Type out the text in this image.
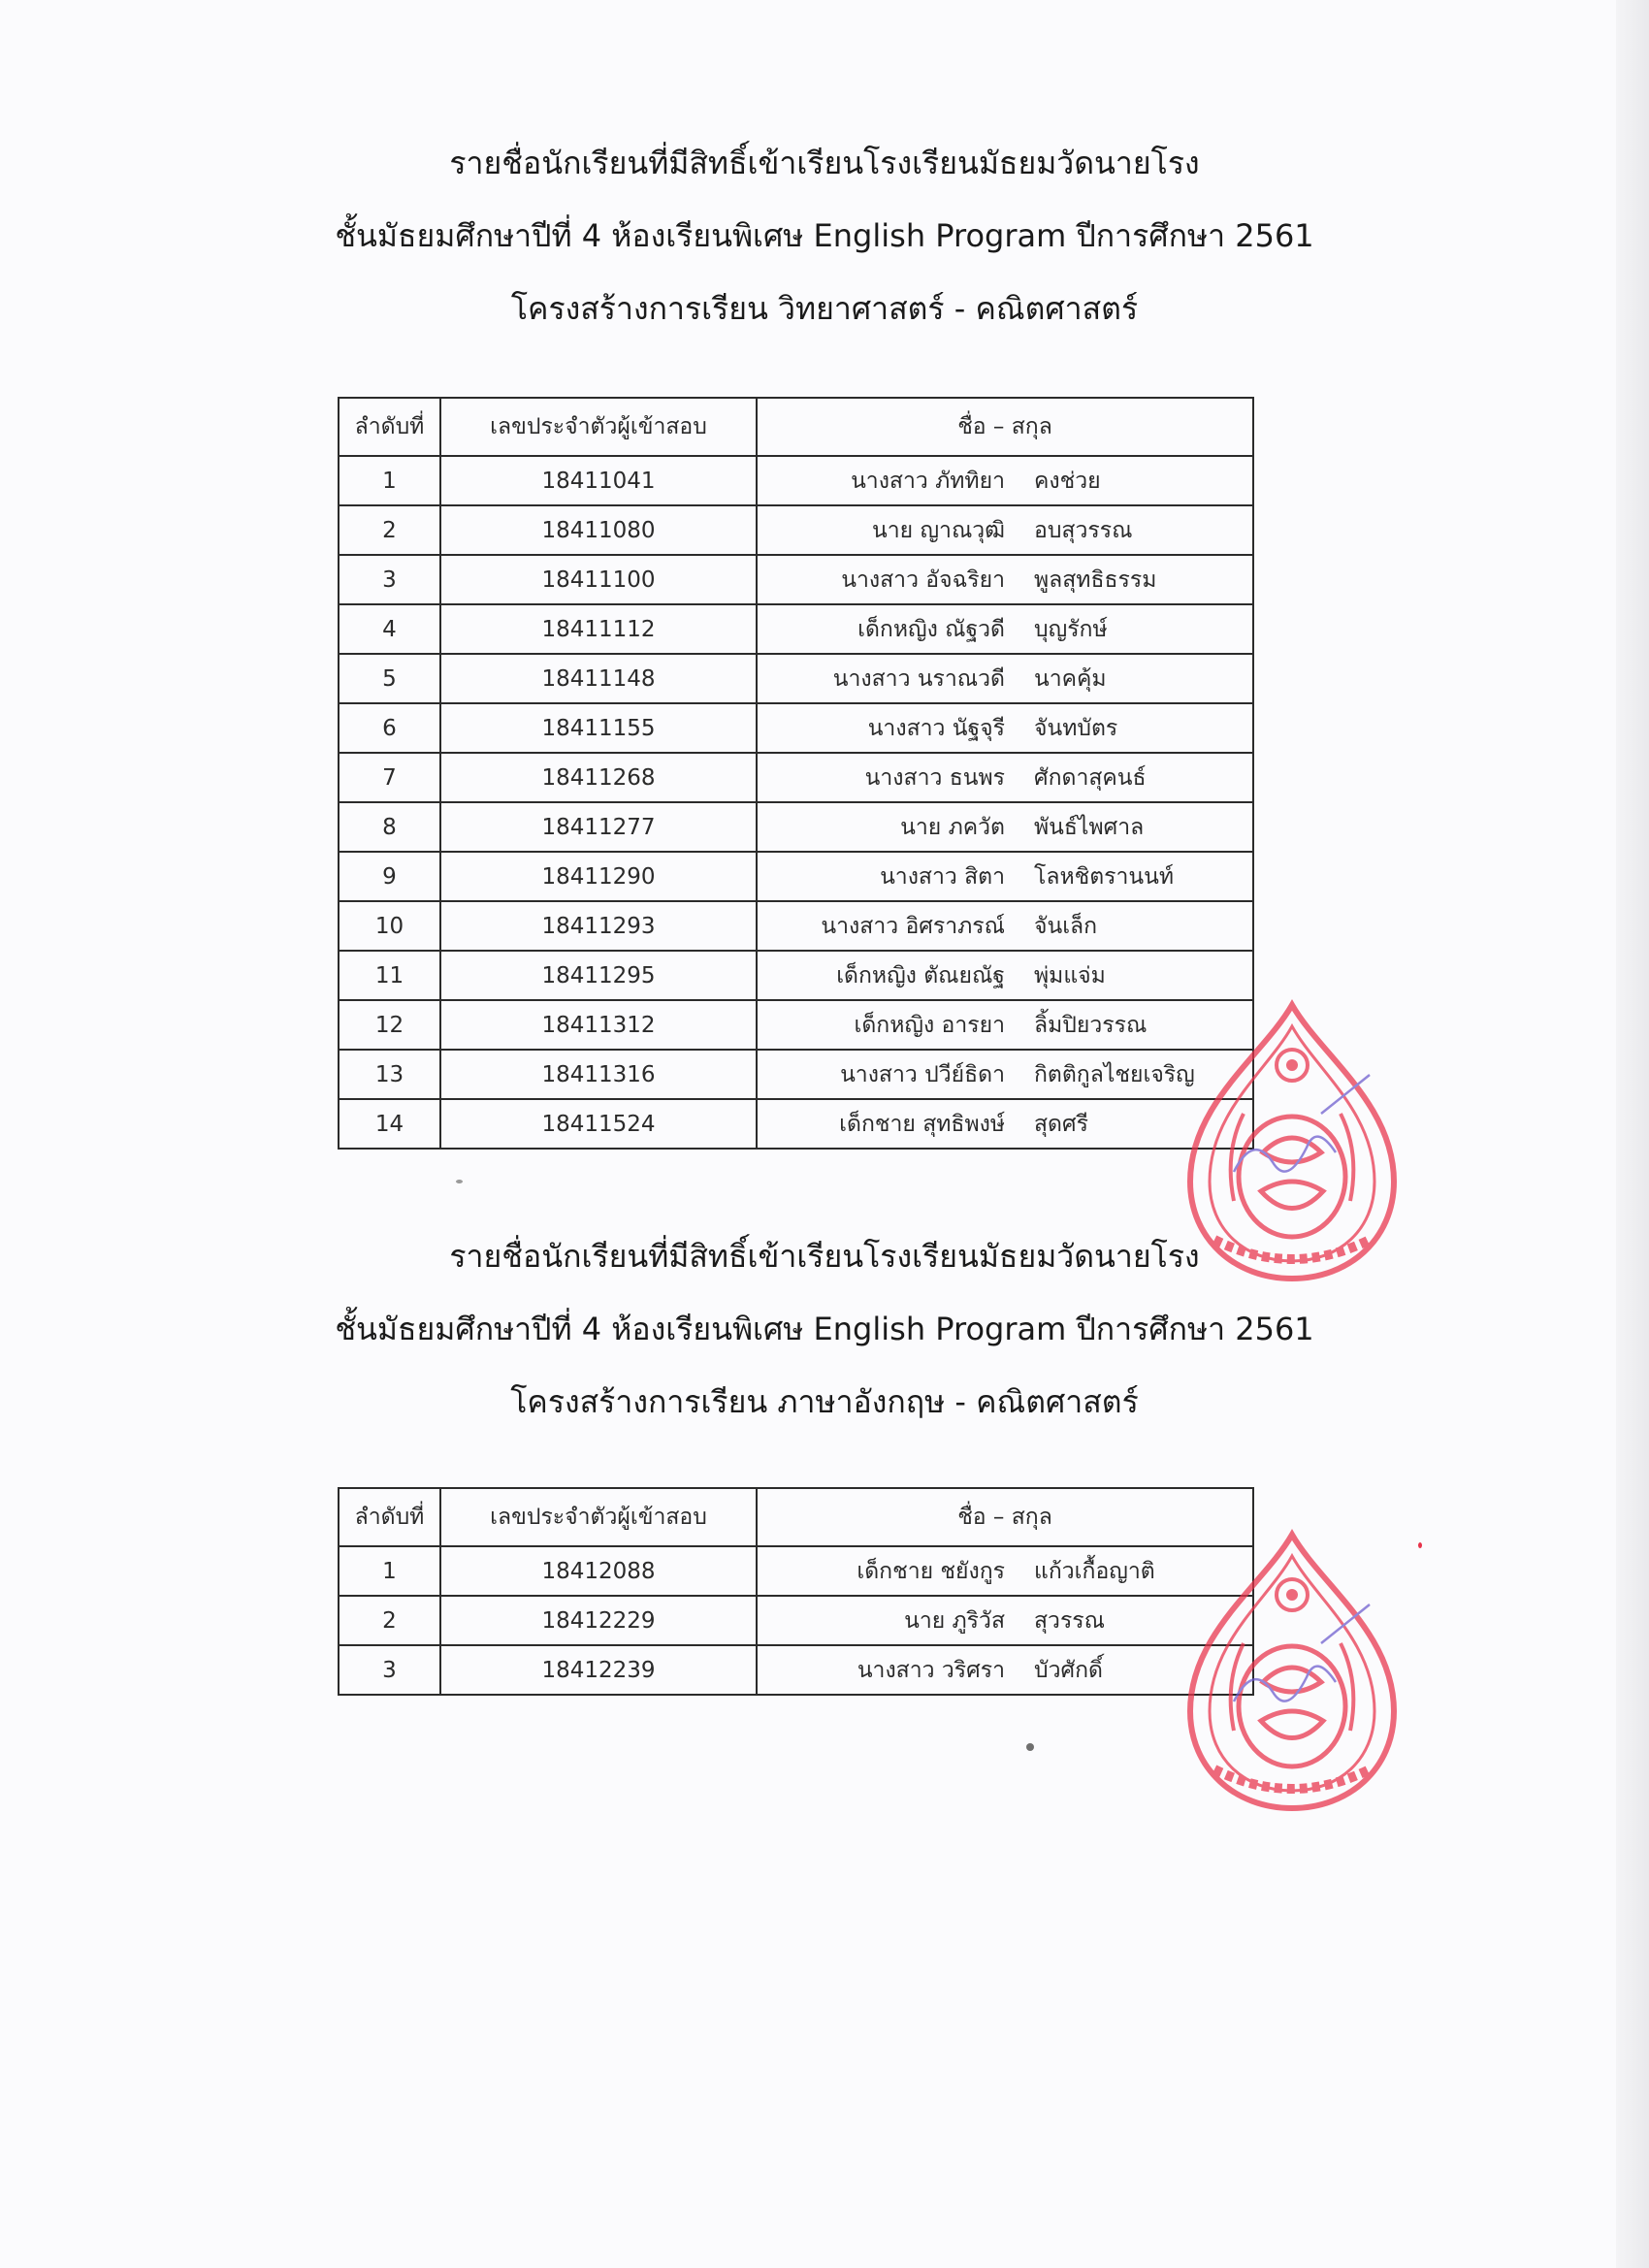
รายชื่อนักเรียนที่มีสิทธิ์เข้าเรียนโรงเรียนมัธยมวัดนายโรง
ชั้นมัธยมศึกษาปีที่ 4 ห้องเรียนพิเศษ English Program ปีการศึกษา 2561
โครงสร้างการเรียน วิทยาศาสตร์ - คณิตศาสตร์
ลำดับที่	เลขประจำตัวผู้เข้าสอบ	ชื่อ – สกุล
1	18411041	นางสาว ภัททิยา คงช่วย

2	18411080	นาย ญาณวุฒิ อบสุวรรณ

3	18411100	นางสาว อัจฉริยา พูลสุทธิธรรม

4	18411112	เด็กหญิง ณัฐวดี บุญรักษ์

5	18411148	นางสาว นราณวดี นาคคุ้ม

6	18411155	นางสาว นัฐจุรี จันทบัตร

7	18411268	นางสาว ธนพร ศักดาสุคนธ์

8	18411277	นาย ภควัต พันธ์ไพศาล

9	18411290	นางสาว สิตา โลหชิตรานนท์

10	18411293	นางสาว อิศราภรณ์ จันเล็ก

11	18411295	เด็กหญิง ตัณยณัฐ พุ่มแจ่ม

12	18411312	เด็กหญิง อารยา ลิ้มปิยวรรณ

13	18411316	นางสาว ปวีย์ธิดา กิตติกูลไชยเจริญ

14	18411524	เด็กชาย สุทธิพงษ์ สุดศรี
รายชื่อนักเรียนที่มีสิทธิ์เข้าเรียนโรงเรียนมัธยมวัดนายโรง
ชั้นมัธยมศึกษาปีที่ 4 ห้องเรียนพิเศษ English Program ปีการศึกษา 2561
โครงสร้างการเรียน ภาษาอังกฤษ - คณิตศาสตร์
ลำดับที่	เลขประจำตัวผู้เข้าสอบ	ชื่อ – สกุล
1	18412088	เด็กชาย ชยังกูร แก้วเกื้อญาติ

2	18412229	นาย ภูริวัส สุวรรณ

3	18412239	นางสาว วริศรา บัวศักดิ์
